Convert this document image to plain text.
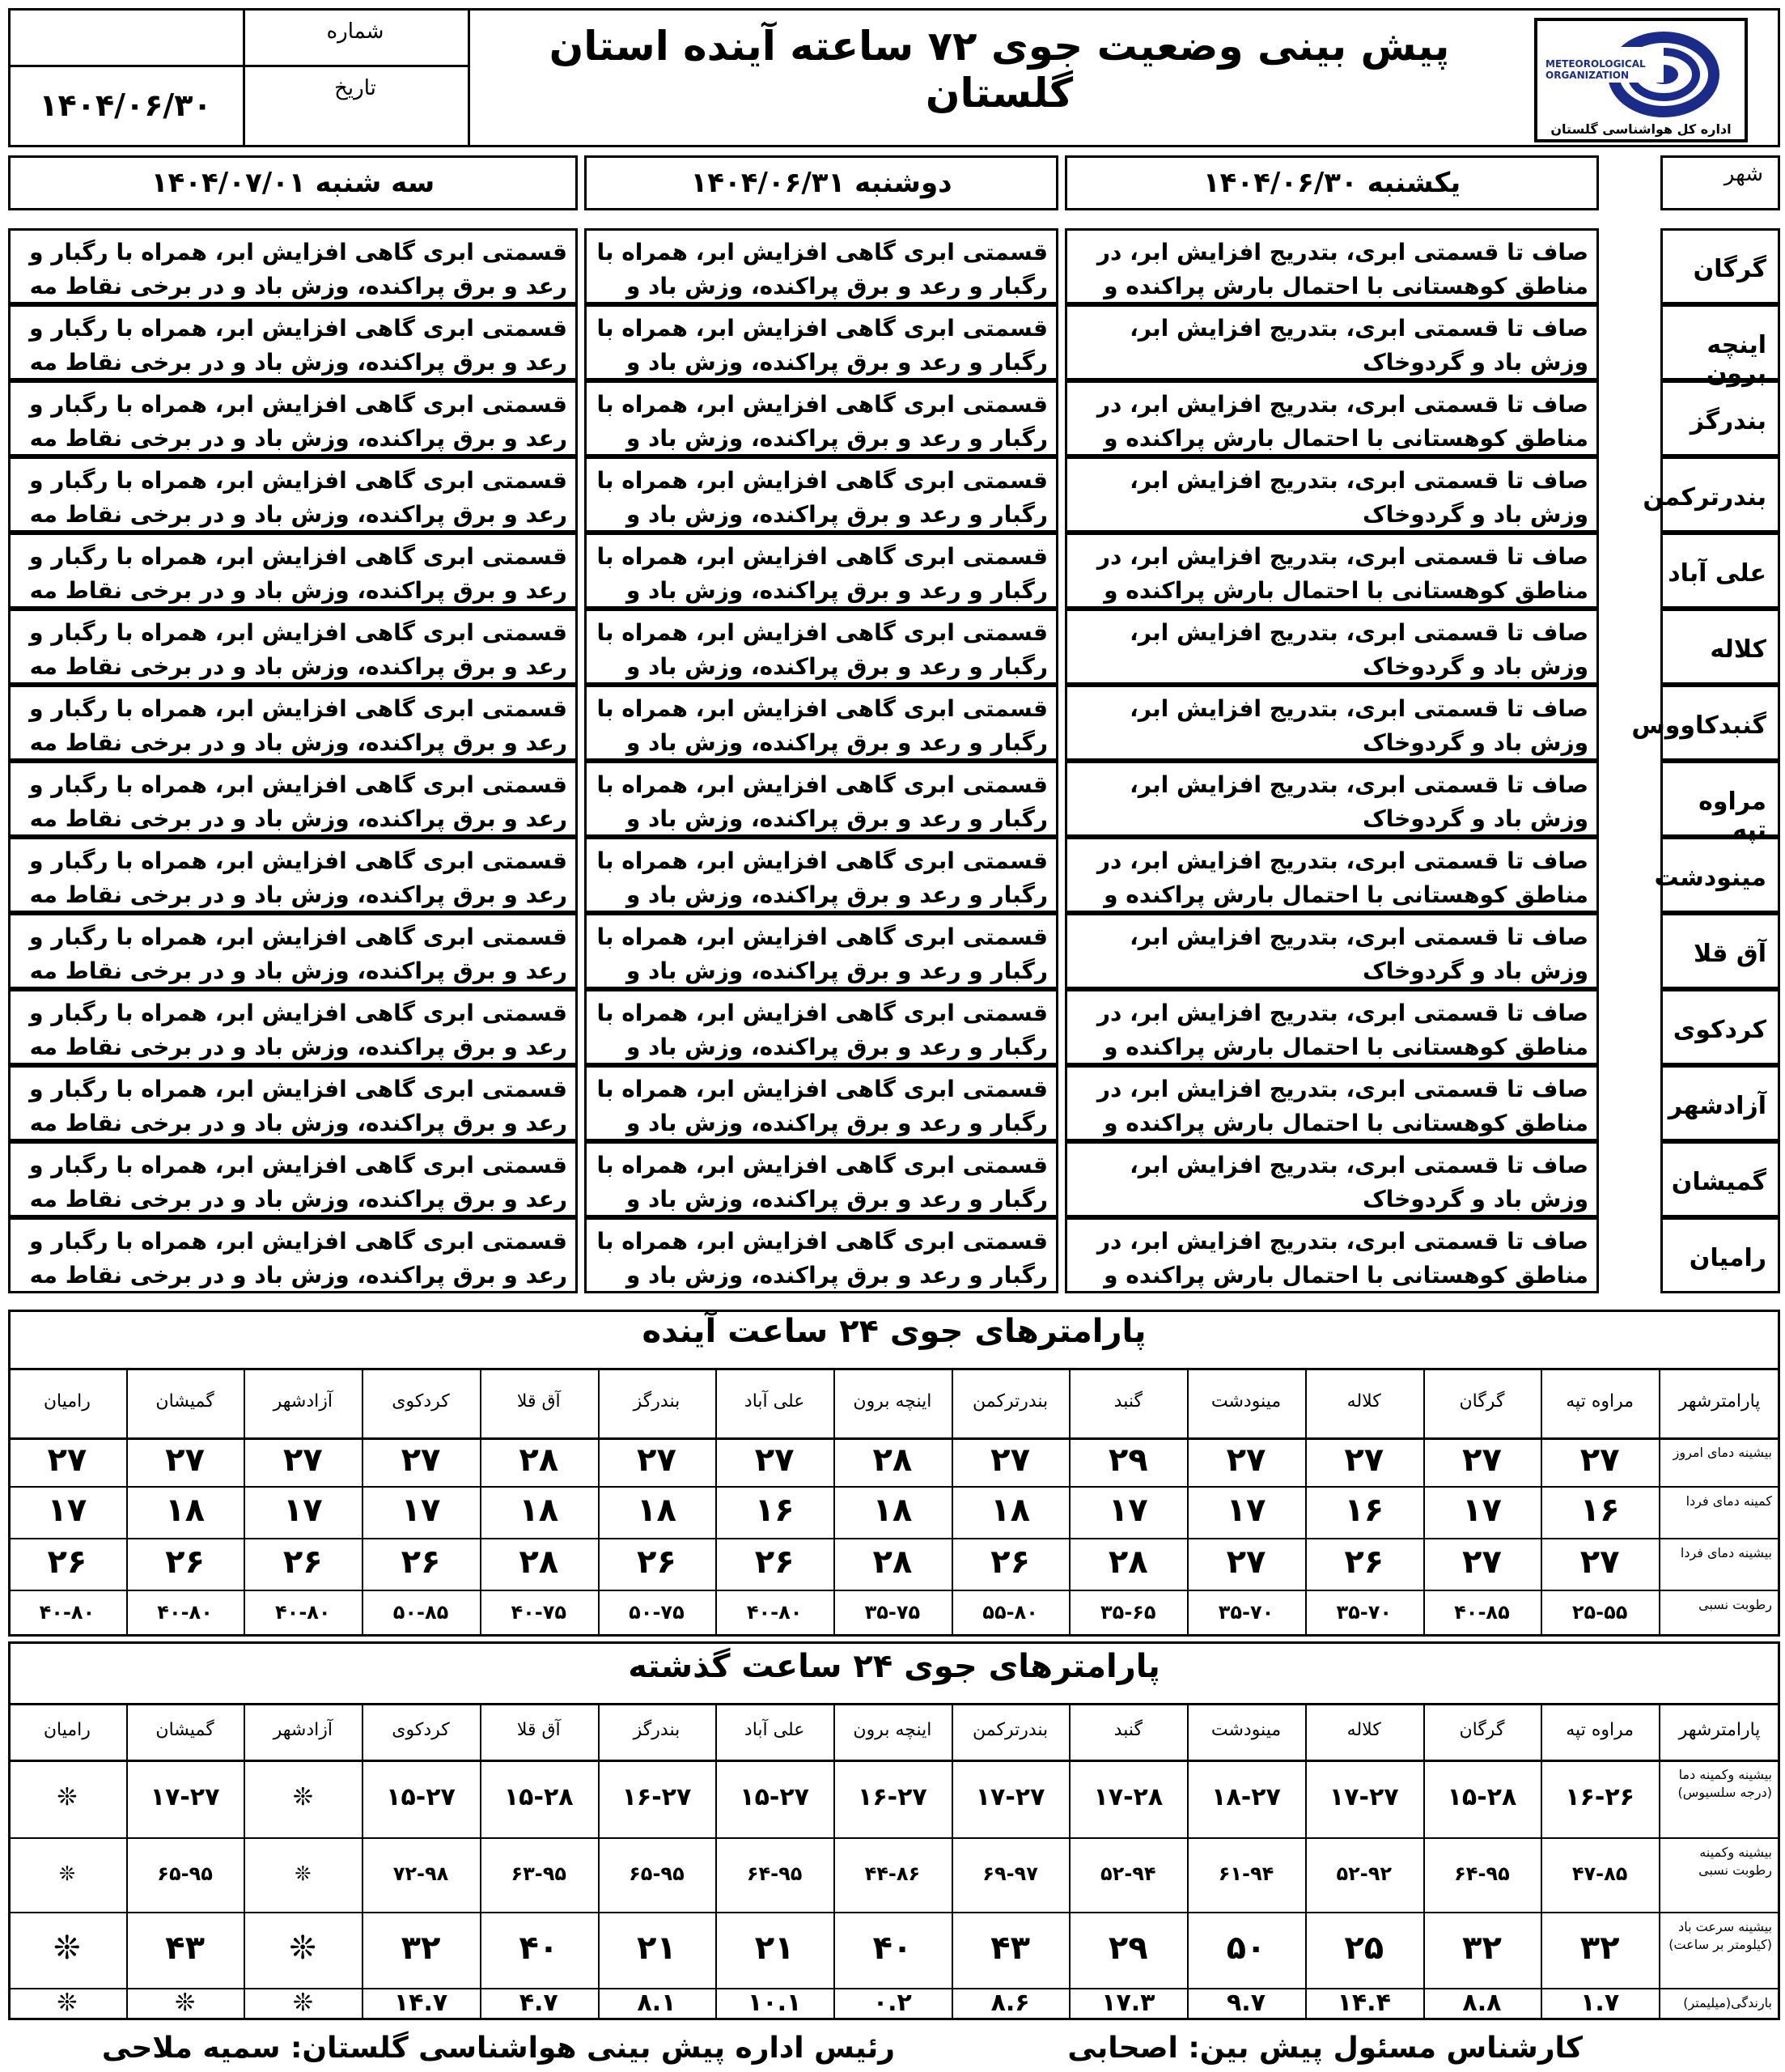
شماره
تاریخ
۱۴۰۴/۰۶/۳۰
پیش بینی وضعیت جوی ۷۲ ساعته آینده استان گلستان
METEOROLOGICAL ORGANIZATION
اداره کل هواشناسی گلستان
شهر
یکشنبه ۱۴۰۴/۰۶/۳۰
دوشنبه ۱۴۰۴/۰۶/۳۱
سه شنبه ۱۴۰۴/۰۷/۰۱
گرگان
صاف تا قسمتی ابری، بتدریج افزایش ابر، در مناطق کوهستانی با احتمال بارش پراکنده و
قسمتی ابری گاهی افزایش ابر، همراه با رگبار و رعد و برق پراکنده، وزش باد و
قسمتی ابری گاهی افزایش ابر، همراه با رگبار و رعد و برق پراکنده، وزش باد و در برخی نقاط مه
اینچه برون
صاف تا قسمتی ابری، بتدریج افزایش ابر، وزش باد و گردوخاک
قسمتی ابری گاهی افزایش ابر، همراه با رگبار و رعد و برق پراکنده، وزش باد و
قسمتی ابری گاهی افزایش ابر، همراه با رگبار و رعد و برق پراکنده، وزش باد و در برخی نقاط مه
بندرگز
صاف تا قسمتی ابری، بتدریج افزایش ابر، در مناطق کوهستانی با احتمال بارش پراکنده و
قسمتی ابری گاهی افزایش ابر، همراه با رگبار و رعد و برق پراکنده، وزش باد و
قسمتی ابری گاهی افزایش ابر، همراه با رگبار و رعد و برق پراکنده، وزش باد و در برخی نقاط مه
بندرترکمن
صاف تا قسمتی ابری، بتدریج افزایش ابر، وزش باد و گردوخاک
قسمتی ابری گاهی افزایش ابر، همراه با رگبار و رعد و برق پراکنده، وزش باد و
قسمتی ابری گاهی افزایش ابر، همراه با رگبار و رعد و برق پراکنده، وزش باد و در برخی نقاط مه
علی آباد
صاف تا قسمتی ابری، بتدریج افزایش ابر، در مناطق کوهستانی با احتمال بارش پراکنده و
قسمتی ابری گاهی افزایش ابر، همراه با رگبار و رعد و برق پراکنده، وزش باد و
قسمتی ابری گاهی افزایش ابر، همراه با رگبار و رعد و برق پراکنده، وزش باد و در برخی نقاط مه
کلاله
صاف تا قسمتی ابری، بتدریج افزایش ابر، وزش باد و گردوخاک
قسمتی ابری گاهی افزایش ابر، همراه با رگبار و رعد و برق پراکنده، وزش باد و
قسمتی ابری گاهی افزایش ابر، همراه با رگبار و رعد و برق پراکنده، وزش باد و در برخی نقاط مه
گنبدکاووس
صاف تا قسمتی ابری، بتدریج افزایش ابر، وزش باد و گردوخاک
قسمتی ابری گاهی افزایش ابر، همراه با رگبار و رعد و برق پراکنده، وزش باد و
قسمتی ابری گاهی افزایش ابر، همراه با رگبار و رعد و برق پراکنده، وزش باد و در برخی نقاط مه
مراوه تپه
صاف تا قسمتی ابری، بتدریج افزایش ابر، وزش باد و گردوخاک
قسمتی ابری گاهی افزایش ابر، همراه با رگبار و رعد و برق پراکنده، وزش باد و
قسمتی ابری گاهی افزایش ابر، همراه با رگبار و رعد و برق پراکنده، وزش باد و در برخی نقاط مه
مینودشت
صاف تا قسمتی ابری، بتدریج افزایش ابر، در مناطق کوهستانی با احتمال بارش پراکنده و
قسمتی ابری گاهی افزایش ابر، همراه با رگبار و رعد و برق پراکنده، وزش باد و
قسمتی ابری گاهی افزایش ابر، همراه با رگبار و رعد و برق پراکنده، وزش باد و در برخی نقاط مه
آق قلا
صاف تا قسمتی ابری، بتدریج افزایش ابر، وزش باد و گردوخاک
قسمتی ابری گاهی افزایش ابر، همراه با رگبار و رعد و برق پراکنده، وزش باد و
قسمتی ابری گاهی افزایش ابر، همراه با رگبار و رعد و برق پراکنده، وزش باد و در برخی نقاط مه
کردکوی
صاف تا قسمتی ابری، بتدریج افزایش ابر، در مناطق کوهستانی با احتمال بارش پراکنده و
قسمتی ابری گاهی افزایش ابر، همراه با رگبار و رعد و برق پراکنده، وزش باد و
قسمتی ابری گاهی افزایش ابر، همراه با رگبار و رعد و برق پراکنده، وزش باد و در برخی نقاط مه
آزادشهر
صاف تا قسمتی ابری، بتدریج افزایش ابر، در مناطق کوهستانی با احتمال بارش پراکنده و
قسمتی ابری گاهی افزایش ابر، همراه با رگبار و رعد و برق پراکنده، وزش باد و
قسمتی ابری گاهی افزایش ابر، همراه با رگبار و رعد و برق پراکنده، وزش باد و در برخی نقاط مه
گمیشان
صاف تا قسمتی ابری، بتدریج افزایش ابر، وزش باد و گردوخاک
قسمتی ابری گاهی افزایش ابر، همراه با رگبار و رعد و برق پراکنده، وزش باد و
قسمتی ابری گاهی افزایش ابر، همراه با رگبار و رعد و برق پراکنده، وزش باد و در برخی نقاط مه
رامیان
صاف تا قسمتی ابری، بتدریج افزایش ابر، در مناطق کوهستانی با احتمال بارش پراکنده و
قسمتی ابری گاهی افزایش ابر، همراه با رگبار و رعد و برق پراکنده، وزش باد و
قسمتی ابری گاهی افزایش ابر، همراه با رگبار و رعد و برق پراکنده، وزش باد و در برخی نقاط مه
پارامترهای جوی ۲۴ ساعت آینده
پارامترشهر
مراوه تپه
گرگان
کلاله
مینودشت
گنبد
بندرترکمن
اینچه برون
علی آباد
بندرگز
آق قلا
کردکوی
آزادشهر
گمیشان
رامیان
بیشینه دمای امروز
۲۷
۲۷
۲۷
۲۷
۲۹
۲۷
۲۸
۲۷
۲۷
۲۸
۲۷
۲۷
۲۷
۲۷
کمینه دمای فردا
۱۶
۱۷
۱۶
۱۷
۱۷
۱۸
۱۸
۱۶
۱۸
۱۸
۱۷
۱۷
۱۸
۱۷
بیشینه دمای فردا
۲۷
۲۷
۲۶
۲۷
۲۸
۲۶
۲۸
۲۶
۲۶
۲۸
۲۶
۲۶
۲۶
۲۶
رطوبت نسبی
۲۵-۵۵
۴۰-۸۵
۳۵-۷۰
۳۵-۷۰
۳۵-۶۵
۵۵-۸۰
۳۵-۷۵
۴۰-۸۰
۵۰-۷۵
۴۰-۷۵
۵۰-۸۵
۴۰-۸۰
۴۰-۸۰
۴۰-۸۰
پارامترهای جوی ۲۴ ساعت گذشته
پارامترشهر
مراوه تپه
گرگان
کلاله
مینودشت
گنبد
بندرترکمن
اینچه برون
علی آباد
بندرگز
آق قلا
کردکوی
آزادشهر
گمیشان
رامیان
بیشینه وکمینه دما (درجه سلسیوس)
۱۶-۲۶
۱۵-۲۸
۱۷-۲۷
۱۸-۲۷
۱۷-۲۸
۱۷-۲۷
۱۶-۲۷
۱۵-۲۷
۱۶-۲۷
۱۵-۲۸
۱۵-۲۷
❊
۱۷-۲۷
❊
بیشینه وکمینه رطوبت نسبی
۴۷-۸۵
۶۴-۹۵
۵۲-۹۲
۶۱-۹۴
۵۲-۹۴
۶۹-۹۷
۴۴-۸۶
۶۴-۹۵
۶۵-۹۵
۶۳-۹۵
۷۲-۹۸
❊
۶۵-۹۵
❊
بیشینه سرعت باد (کیلومتر بر ساعت)
۳۲
۳۲
۲۵
۵۰
۲۹
۴۳
۴۰
۲۱
۲۱
۴۰
۳۲
❊
۴۳
❊
بارندگی(میلیمتر)
۱.۷
۸.۸
۱۴.۴
۹.۷
۱۷.۳
۸.۶
۰.۲
۱۰.۱
۸.۱
۴.۷
۱۴.۷
❊
❊
❊
کارشناس مسئول پیش بین: اصحابی
رئیس اداره پیش بینی هواشناسی گلستان: سمیه ملاحی
